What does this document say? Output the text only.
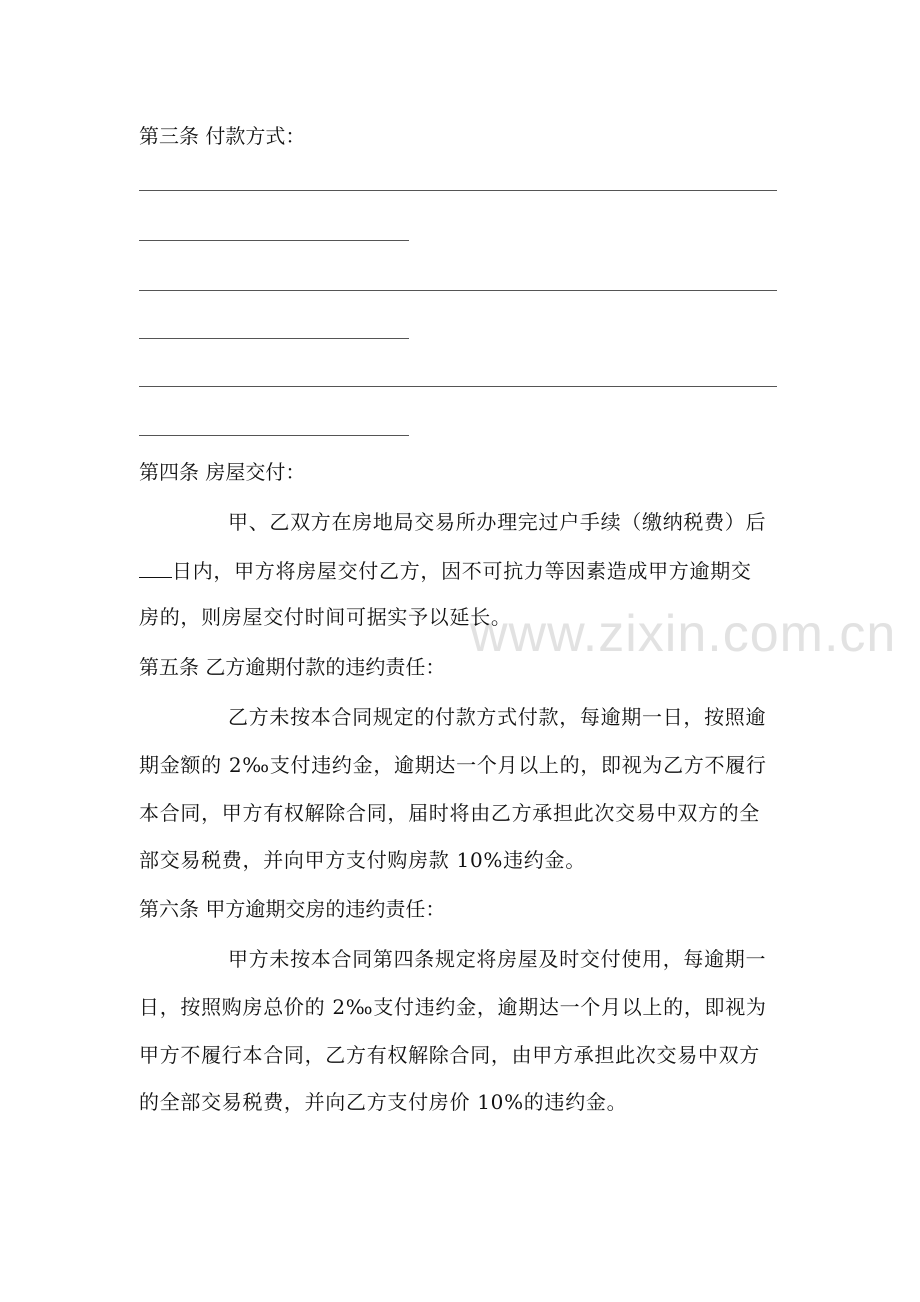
www.zixin.com.cn
第三条 付款方式：
第四条 房屋交付：
甲、乙双方在房地局交易所办理完过户手续（缴纳税费）后
日内，甲方将房屋交付乙方，因不可抗力等因素造成甲方逾期交
房的，则房屋交付时间可据实予以延长。
第五条 乙方逾期付款的违约责任：
乙方未按本合同规定的付款方式付款，每逾期一日，按照逾
期金额的 2‰支付违约金，逾期达一个月以上的，即视为乙方不履行
本合同，甲方有权解除合同，届时将由乙方承担此次交易中双方的全
部交易税费，并向甲方支付购房款 10%违约金。
第六条 甲方逾期交房的违约责任：
甲方未按本合同第四条规定将房屋及时交付使用，每逾期一
日，按照购房总价的 2‰支付违约金，逾期达一个月以上的，即视为
甲方不履行本合同，乙方有权解除合同，由甲方承担此次交易中双方
的全部交易税费，并向乙方支付房价 10%的违约金。
